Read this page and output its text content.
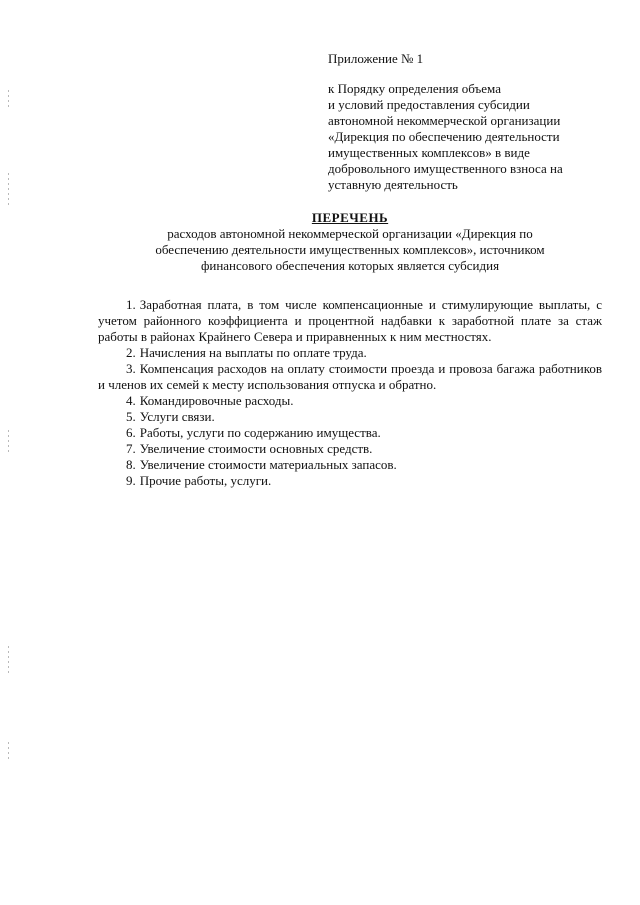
Приложение № 1
к Порядку определения объема
и условий предоставления субсидии
автономной некоммерческой организации
«Дирекция по обеспечению деятельности
имущественных комплексов» в виде
добровольного имущественного взноса на
уставную деятельность
ПЕРЕЧЕНЬ
расходов автономной некоммерческой организации «Дирекция по
обеспечению деятельности имущественных комплексов», источником
финансового обеспечения которых является субсидия

1. Заработная плата, в том числе компенсационные и стимулирующие выплаты, с учетом районного коэффициента и процентной надбавки к заработной плате за стаж работы в районах Крайнего Севера и приравненных к ним местностях.

2. Начисления на выплаты по оплате труда.

3. Компенсация расходов на оплату стоимости проезда и провоза багажа работников и членов их семей к месту использования отпуска и обратно.

4. Командировочные расходы.

5. Услуги связи.

6. Работы, услуги по содержанию имущества.

7. Увеличение стоимости основных средств.

8. Увеличение стоимости материальных запасов.

9. Прочие работы, услуги.
